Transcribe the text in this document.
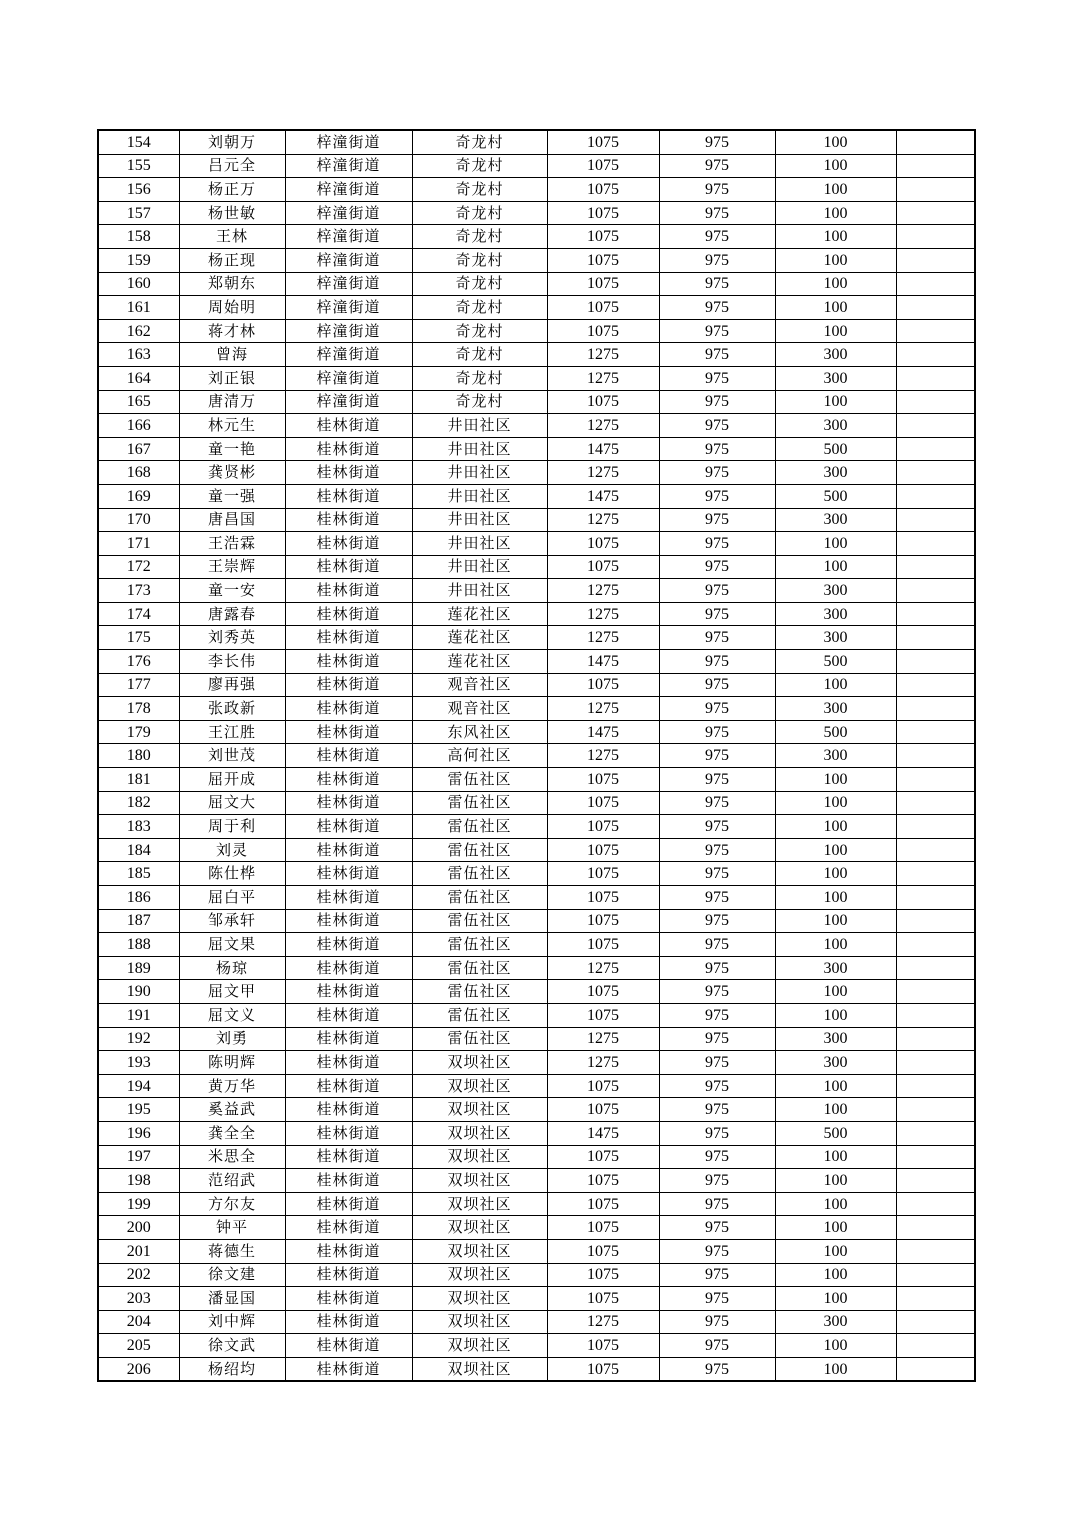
154	刘朝万	梓潼街道	奇龙村	1075	975	100	
155	吕元全	梓潼街道	奇龙村	1075	975	100	
156	杨正万	梓潼街道	奇龙村	1075	975	100	
157	杨世敏	梓潼街道	奇龙村	1075	975	100	
158	王林	梓潼街道	奇龙村	1075	975	100	
159	杨正现	梓潼街道	奇龙村	1075	975	100	
160	郑朝东	梓潼街道	奇龙村	1075	975	100	
161	周始明	梓潼街道	奇龙村	1075	975	100	
162	蒋才林	梓潼街道	奇龙村	1075	975	100	
163	曾海	梓潼街道	奇龙村	1275	975	300	
164	刘正银	梓潼街道	奇龙村	1275	975	300	
165	唐清万	梓潼街道	奇龙村	1075	975	100	
166	林元生	桂林街道	井田社区	1275	975	300	
167	童一艳	桂林街道	井田社区	1475	975	500	
168	龚贤彬	桂林街道	井田社区	1275	975	300	
169	童一强	桂林街道	井田社区	1475	975	500	
170	唐昌国	桂林街道	井田社区	1275	975	300	
171	王浩霖	桂林街道	井田社区	1075	975	100	
172	王崇辉	桂林街道	井田社区	1075	975	100	
173	童一安	桂林街道	井田社区	1275	975	300	
174	唐露春	桂林街道	莲花社区	1275	975	300	
175	刘秀英	桂林街道	莲花社区	1275	975	300	
176	李长伟	桂林街道	莲花社区	1475	975	500	
177	廖再强	桂林街道	观音社区	1075	975	100	
178	张政新	桂林街道	观音社区	1275	975	300	
179	王江胜	桂林街道	东风社区	1475	975	500	
180	刘世茂	桂林街道	高何社区	1275	975	300	
181	屈开成	桂林街道	雷伍社区	1075	975	100	
182	屈文大	桂林街道	雷伍社区	1075	975	100	
183	周于利	桂林街道	雷伍社区	1075	975	100	
184	刘灵	桂林街道	雷伍社区	1075	975	100	
185	陈仕桦	桂林街道	雷伍社区	1075	975	100	
186	屈白平	桂林街道	雷伍社区	1075	975	100	
187	邹承轩	桂林街道	雷伍社区	1075	975	100	
188	屈文果	桂林街道	雷伍社区	1075	975	100	
189	杨琼	桂林街道	雷伍社区	1275	975	300	
190	屈文甲	桂林街道	雷伍社区	1075	975	100	
191	屈文义	桂林街道	雷伍社区	1075	975	100	
192	刘勇	桂林街道	雷伍社区	1275	975	300	
193	陈明辉	桂林街道	双坝社区	1275	975	300	
194	黄万华	桂林街道	双坝社区	1075	975	100	
195	奚益武	桂林街道	双坝社区	1075	975	100	
196	龚全全	桂林街道	双坝社区	1475	975	500	
197	米思全	桂林街道	双坝社区	1075	975	100	
198	范绍武	桂林街道	双坝社区	1075	975	100	
199	方尔友	桂林街道	双坝社区	1075	975	100	
200	钟平	桂林街道	双坝社区	1075	975	100	
201	蒋德生	桂林街道	双坝社区	1075	975	100	
202	徐文建	桂林街道	双坝社区	1075	975	100	
203	潘显国	桂林街道	双坝社区	1075	975	100	
204	刘中辉	桂林街道	双坝社区	1275	975	300	
205	徐文武	桂林街道	双坝社区	1075	975	100	
206	杨绍均	桂林街道	双坝社区	1075	975	100	
